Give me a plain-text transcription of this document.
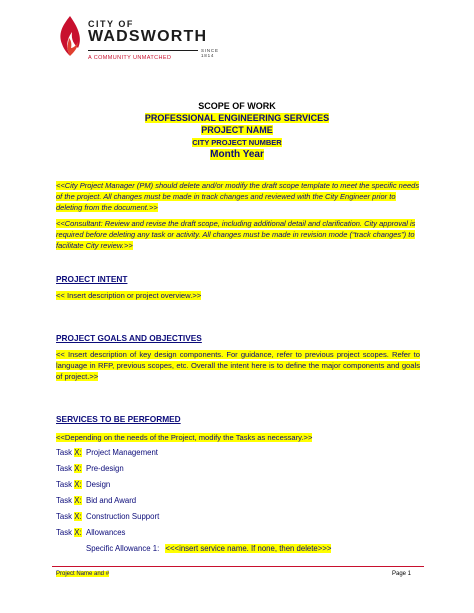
CITY OF
WADSWORTH
SINCE 1814
A COMMUNITY UNMATCHED
SCOPE OF WORK
PROFESSIONAL ENGINEERING SERVICES
PROJECT NAME
CITY PROJECT NUMBER
Month Year
<<City Project Manager (PM) should delete and/or modify the draft scope template to meet the specific needs of the project. All changes must be made in track changes and reviewed with the City Engineer prior to deleting from the document.>>
<<Consultant: Review and revise the draft scope, including additional detail and clarification. City approval is required before deleting any task or activity. All changes must be made in revision mode (“track changes”) to facilitate City review.>>
PROJECT INTENT
<< Insert description or project overview.>>
PROJECT GOALS AND OBJECTIVES
<< Insert description of key design components. For guidance, refer to previous project scopes. Refer to language in RFP, previous scopes, etc. Overall the intent here is to define the major components and goals of project.>>
SERVICES TO BE PERFORMED
<<Depending on the needs of the Project, modify the Tasks as necessary.>>
Task X: Project Management
Task X: Pre-design
Task X: Design
Task X: Bid and Award
Task X: Construction Support
Task X: Allowances
Specific Allowance 1: <<<insert service name. If none, then delete>>>
Project Name and #	Page 1
